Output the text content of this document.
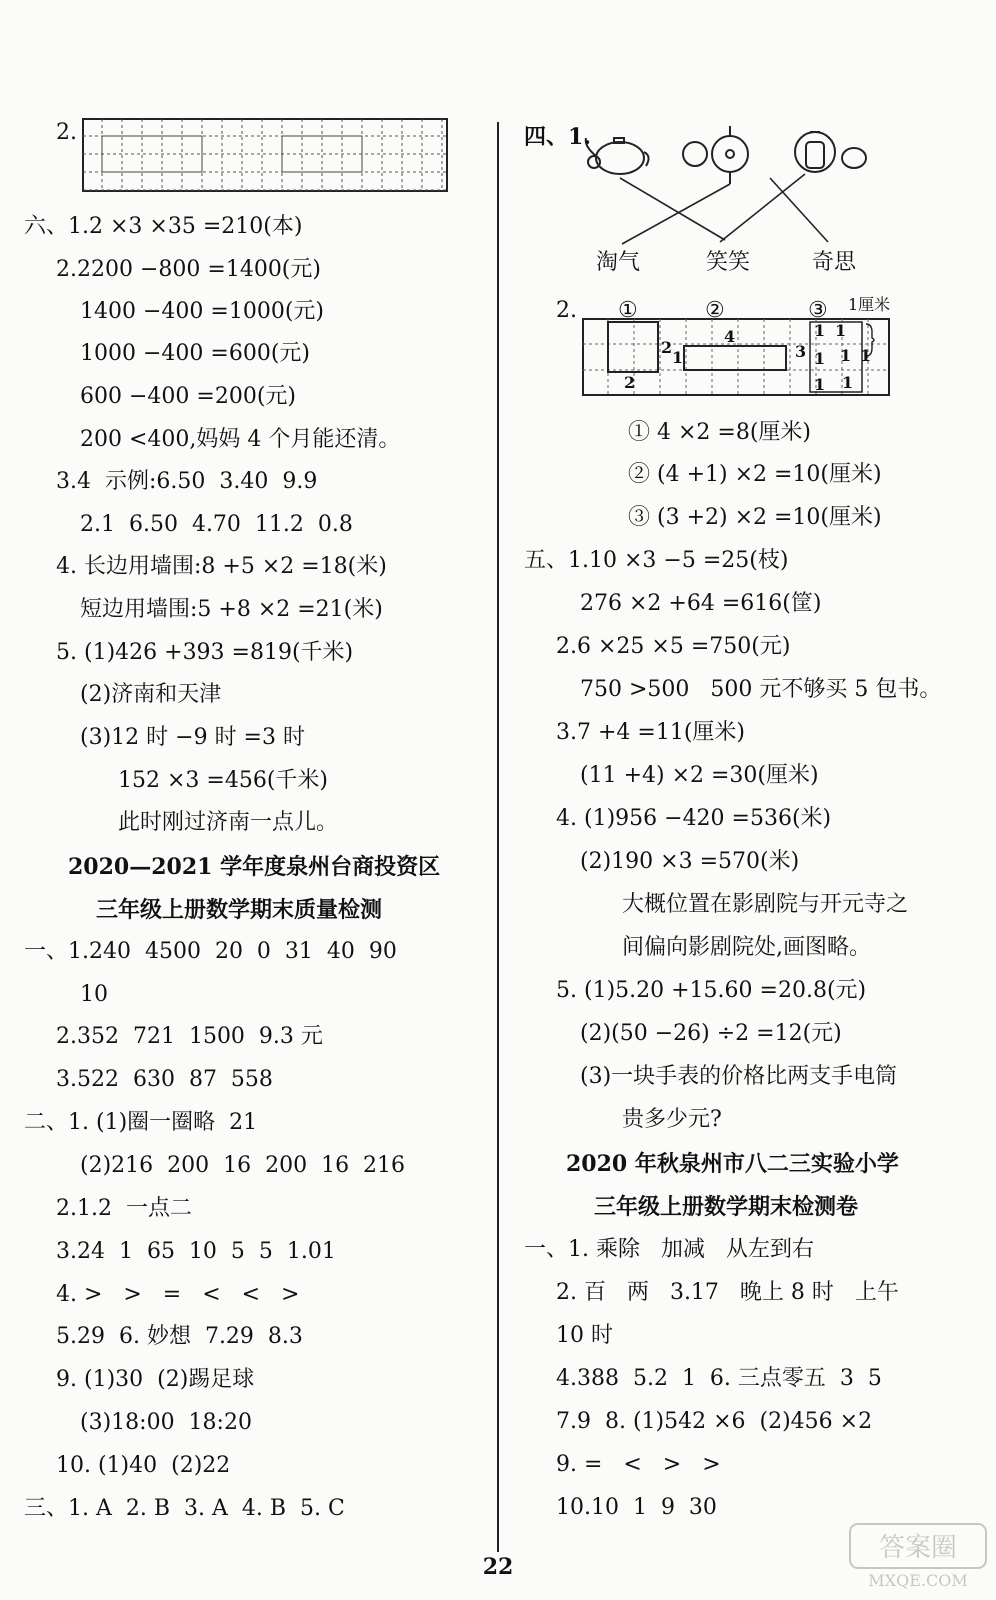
2.
六、1.2 ×3 ×35 =210(本)
2.2200 −800 =1400(元)
1400 −400 =1000(元)
1000 −400 =600(元)
600 −400 =200(元)
200 <400,妈妈 4 个月能还清。
3.4  示例:6.50  3.40  9.9
2.1  6.50  4.70  11.2  0.8
4. 长边用墙围:8 +5 ×2 =18(米)
短边用墙围:5 +8 ×2 =21(米)
5. (1)426 +393 =819(千米)
(2)济南和天津
(3)12 时 −9 时 =3 时
152 ×3 =456(千米)
此时刚过济南一点儿。
2020—2021 学年度泉州台商投资区
三年级上册数学期末质量检测
一、1.240  4500  20  0  31  40  90
10
2.352  721  1500  9.3 元
3.522  630  87  558
二、1. (1)圈一圈略  21
(2)216  200  16  200  16  216
2.1.2  一点二
3.24  1  65  10  5  5  1.01
4. >   >   =   <   <   >
5.29  6. 妙想  7.29  8.3
9. (1)30  (2)踢足球
(3)18:00  18:20
10. (1)40  (2)22
三、1. A  2. B  3. A  4. B  5. C
四、1.
淘气	笑笑	奇思
2. ①	②	③ 1厘米
2
1
4
3
1 1
1 1
1
2	1
1
① 4 ×2 =8(厘米)
② (4 +1) ×2 =10(厘米)
③ (3 +2) ×2 =10(厘米)
五、1.10 ×3 −5 =25(枝)
276 ×2 +64 =616(筐)
2.6 ×25 ×5 =750(元)
750 >500   500 元不够买 5 包书。
3.7 +4 =11(厘米)
(11 +4) ×2 =30(厘米)
4. (1)956 −420 =536(米)
(2)190 ×3 =570(米)
大概位置在影剧院与开元寺之
间偏向影剧院处,画图略。
5. (1)5.20 +15.60 =20.8(元)
(2)(50 −26) ÷2 =12(元)
(3)一块手表的价格比两支手电筒
贵多少元?
2020 年秋泉州市八二三实验小学
三年级上册数学期末检测卷
一、1. 乘除   加减   从左到右
2. 百   两   3.17   晚上 8 时   上午
10 时
4.388  5.2  1  6. 三点零五  3  5
7.9  8. (1)542 ×6  (2)456 ×2
9. =   <   >   >
10.10  1  9  30
22
答案圈
MXQE.COM
